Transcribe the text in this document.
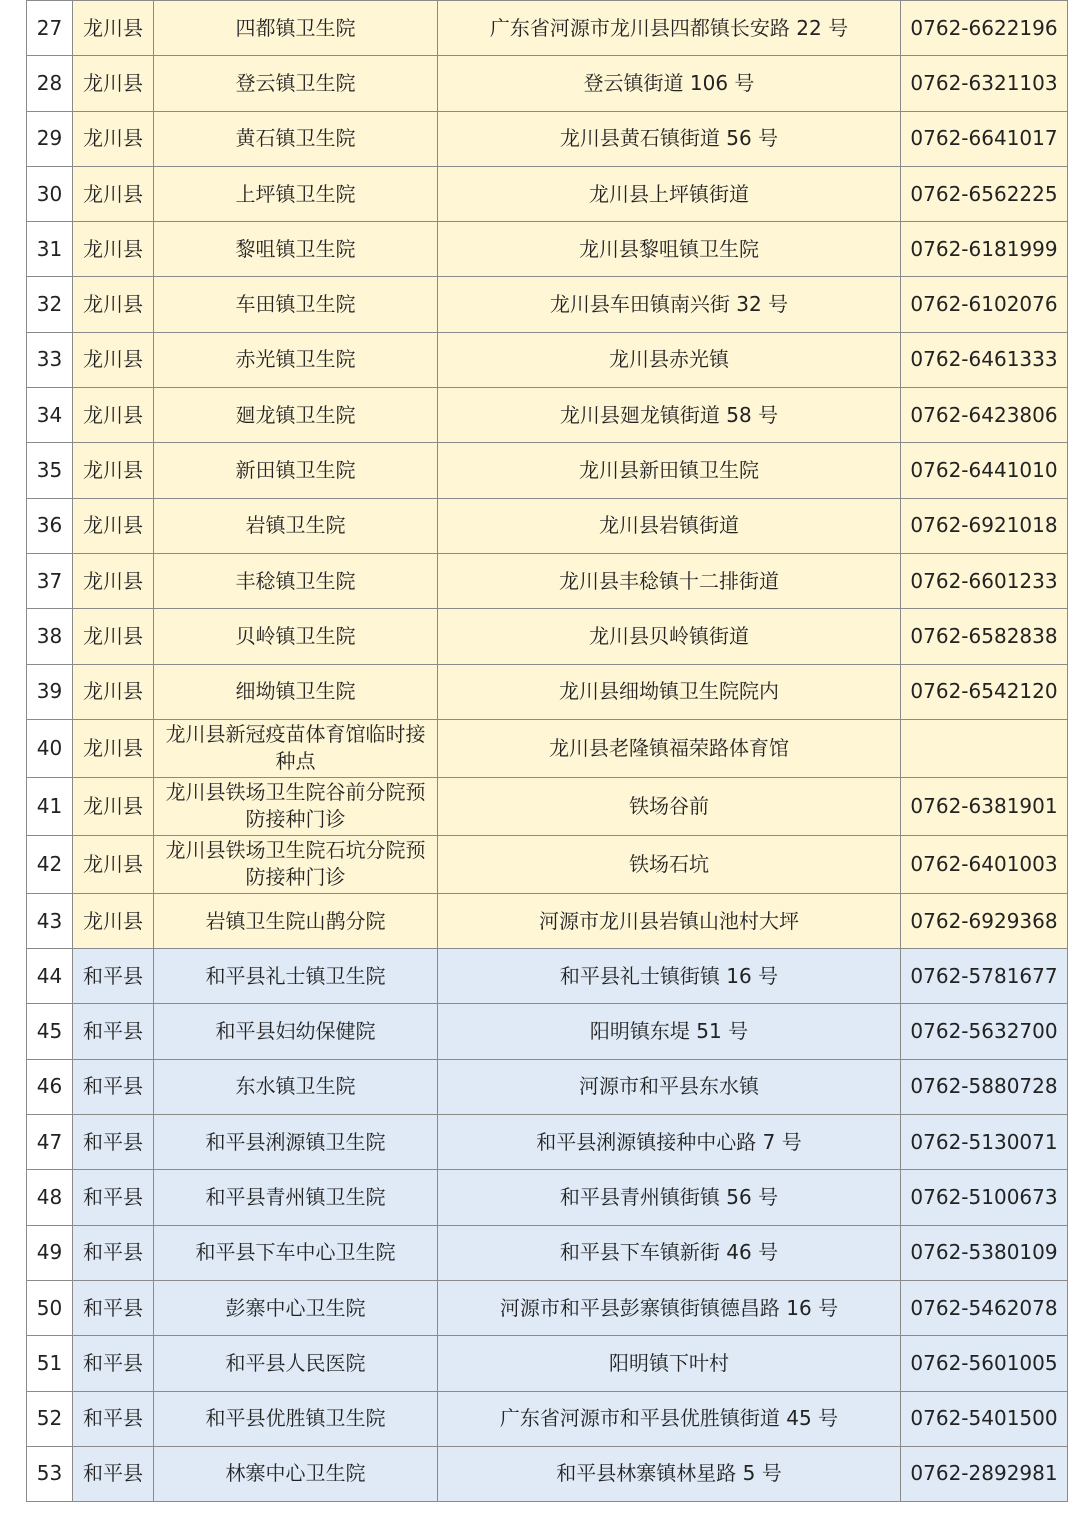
27	龙川县	四都镇卫生院	广东省河源市龙川县四都镇长安路 22 号	0762-6622196
28	龙川县	登云镇卫生院	登云镇街道 106 号	0762-6321103
29	龙川县	黄石镇卫生院	龙川县黄石镇街道 56 号	0762-6641017
30	龙川县	上坪镇卫生院	龙川县上坪镇街道	0762-6562225
31	龙川县	黎咀镇卫生院	龙川县黎咀镇卫生院	0762-6181999
32	龙川县	车田镇卫生院	龙川县车田镇南兴街 32 号	0762-6102076
33	龙川县	赤光镇卫生院	龙川县赤光镇	0762-6461333
34	龙川县	廻龙镇卫生院	龙川县廻龙镇街道 58 号	0762-6423806
35	龙川县	新田镇卫生院	龙川县新田镇卫生院	0762-6441010
36	龙川县	岩镇卫生院	龙川县岩镇街道	0762-6921018
37	龙川县	丰稔镇卫生院	龙川县丰稔镇十二排街道	0762-6601233
38	龙川县	贝岭镇卫生院	龙川县贝岭镇街道	0762-6582838
39	龙川县	细坳镇卫生院	龙川县细坳镇卫生院院内	0762-6542120
40	龙川县	龙川县新冠疫苗体育馆临时接种点	龙川县老隆镇福荣路体育馆	
41	龙川县	龙川县铁场卫生院谷前分院预防接种门诊	铁场谷前	0762-6381901
42	龙川县	龙川县铁场卫生院石坑分院预防接种门诊	铁场石坑	0762-6401003
43	龙川县	岩镇卫生院山鹊分院	河源市龙川县岩镇山池村大坪	0762-6929368
44	和平县	和平县礼士镇卫生院	和平县礼士镇街镇 16 号	0762-5781677
45	和平县	和平县妇幼保健院	阳明镇东堤 51 号	0762-5632700
46	和平县	东水镇卫生院	河源市和平县东水镇	0762-5880728
47	和平县	和平县浰源镇卫生院	和平县浰源镇接种中心路 7 号	0762-5130071
48	和平县	和平县青州镇卫生院	和平县青州镇街镇 56 号	0762-5100673
49	和平县	和平县下车中心卫生院	和平县下车镇新街 46 号	0762-5380109
50	和平县	彭寨中心卫生院	河源市和平县彭寨镇街镇德昌路 16 号	0762-5462078
51	和平县	和平县人民医院	阳明镇下叶村	0762-5601005
52	和平县	和平县优胜镇卫生院	广东省河源市和平县优胜镇街道 45 号	0762-5401500
53	和平县	林寨中心卫生院	和平县林寨镇林星路 5 号	0762-2892981
